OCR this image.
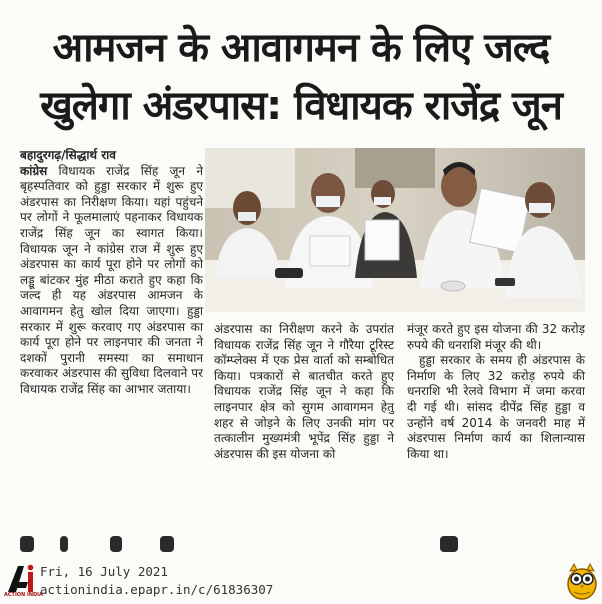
आमजन के आवागमन के लिए जल्द
खुलेगा अंडरपास: विधायक राजेंद्र जून

बहादुरगढ़/सिद्धार्थ राव
कांग्रेस विधायक राजेंद्र सिंह जून ने बृहस्पतिवार को हुड्डा सरकार में शुरू हुए अंडरपास का निरीक्षण किया। यहां पहुंचने पर लोगों ने फूलमालाएं पहनाकर विधायक राजेंद्र सिंह जून का स्वागत किया। विधायक जून ने कांग्रेस राज में शुरू हुए अंडरपास का कार्य पूरा होने पर लोगों को लड्डू बांटकर मुंह मीठा कराते हुए कहा कि जल्द ही यह अंडरपास आमजन के आवागमन हेतु खोल दिया जाएगा। हुड्डा सरकार में शुरू करवाए गए अंडरपास का कार्य पूरा होने पर लाइनपार की जनता ने दशकों पुरानी समस्या का समाधान करवाकर अंडरपास की सुविधा दिलवाने पर विधायक राजेंद्र सिंह का आभार जताया।

अंडरपास का निरीक्षण करने के उपरांत विधायक राजेंद्र सिंह जून ने गौरैया टूरिस्ट कॉम्प्लेक्स में एक प्रेस वार्ता को सम्बोधित किया। पत्रकारों से बातचीत करते हुए विधायक राजेंद्र सिंह जून ने कहा कि लाइनपार क्षेत्र को सुगम आवागमन हेतु शहर से जोड़ने के लिए उनकी मांग पर तत्कालीन मुख्यमंत्री भूपेंद्र सिंह हुड्डा ने अंडरपास की इस योजना को

मंजूर करते हुए इस योजना की 32 करोड़ रुपये की धनराशि मंजूर की थी।

हुड्डा सरकार के समय ही अंडरपास के निर्माण के लिए 32 करोड़ रुपये की धनराशि भी रेलवे विभाग में जमा करवा दी गई थी। सांसद दीपेंद्र सिंह हुड्डा व उन्होंने वर्ष 2014 के जनवरी माह में अंडरपास निर्माण कार्य का शिलान्यास किया था।

ACTION INDIA
Fri, 16 July 2021
actionindia.epapr.in/c/61836307
